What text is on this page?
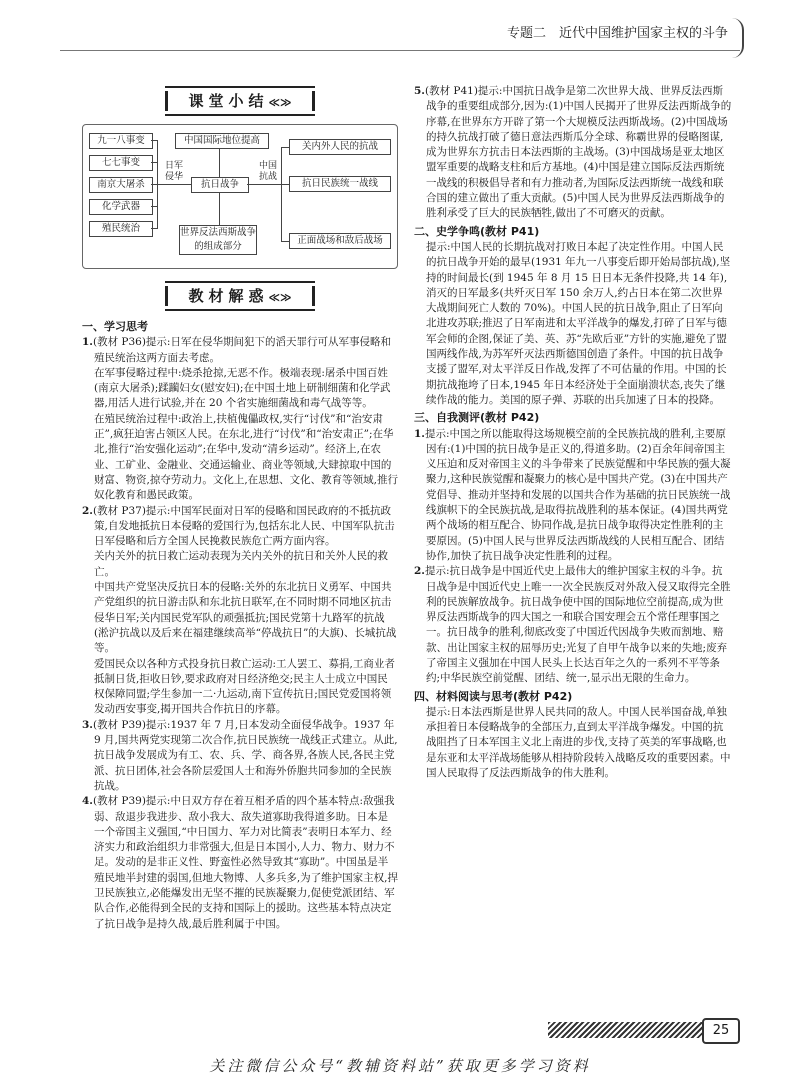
专题二　近代中国维护国家主权的斗争
课堂小结≪≫
九一八事变
七七事变
南京大屠杀
化学武器
殖民统治
日军侵华
中国国际地位提高
抗日战争
世界反法西斯战争的组成部分
中国抗战
关内外人民的抗战
抗日民族统一战线
正面战场和敌后战场
教材解惑≪≫
一、学习思考

1.(教材 P36)提示:日军在侵华期间犯下的滔天罪行可从军事侵略和殖民统治这两方面去考虑。

在军事侵略过程中:烧杀抢掠,无恶不作。极端表现:屠杀中国百姓(南京大屠杀);蹂躏妇女(慰安妇);在中国土地上研制细菌和化学武器,用活人进行试验,并在 20 个省实施细菌战和毒气战等等。

在殖民统治过程中:政治上,扶植傀儡政权,实行“讨伐”和“治安肃正”,疯狂迫害占领区人民。在东北,进行“讨伐”和“治安肃正”;在华北,推行“治安强化运动”;在华中,发动“清乡运动”。经济上,在农业、工矿业、金融业、交通运输业、商业等领域,大肆掠取中国的财富、物资,掠夺劳动力。文化上,在思想、文化、教育等领域,推行奴化教育和愚民政策。

2.(教材 P37)提示:中国军民面对日军的侵略和国民政府的不抵抗政策,自发地抵抗日本侵略的爱国行为,包括东北人民、中国军队抗击日军侵略和后方全国人民挽救民族危亡两方面内容。

关内关外的抗日救亡运动表现为关内关外的抗日和关外人民的救亡。

中国共产党坚决反抗日本的侵略:关外的东北抗日义勇军、中国共产党组织的抗日游击队和东北抗日联军,在不同时期不同地区抗击侵华日军;关内国民党军队的顽强抵抗;国民党第十九路军的抗战(淞沪抗战以及后来在福建继续高举“停战抗日”的大旗)、长城抗战等。

爱国民众以各种方式投身抗日救亡运动:工人罢工、募捐,工商业者抵制日货,拒收日钞,要求政府对日经济绝交;民主人士成立中国民权保障同盟;学生参加一二·九运动,南下宣传抗日;国民党爱国将领发动西安事变,揭开国共合作抗日的序幕。

3.(教材 P39)提示:1937 年 7 月,日本发动全面侵华战争。1937 年 9 月,国共两党实现第二次合作,抗日民族统一战线正式建立。从此,抗日战争发展成为有工、农、兵、学、商各界,各族人民,各民主党派、抗日团体,社会各阶层爱国人士和海外侨胞共同参加的全民族抗战。

4.(教材 P39)提示:中日双方存在着互相矛盾的四个基本特点:敌强我弱、敌退步我进步、敌小我大、敌失道寡助我得道多助。日本是一个帝国主义强国,“中日国力、军力对比简表”表明日本军力、经济实力和政治组织力非常强大,但是日本国小,人力、物力、财力不足。发动的是非正义性、野蛮性必然导致其“寡助”。中国虽是半殖民地半封建的弱国,但地大物博、人多兵多,为了维护国家主权,捍卫民族独立,必能爆发出无坚不摧的民族凝聚力,促使党派团结、军队合作,必能得到全民的支持和国际上的援助。这些基本特点决定了抗日战争是持久战,最后胜利属于中国。

5.(教材 P41)提示:中国抗日战争是第二次世界大战、世界反法西斯战争的重要组成部分,因为:(1)中国人民揭开了世界反法西斯战争的序幕,在世界东方开辟了第一个大规模反法西斯战场。(2)中国战场的持久抗战打破了德日意法西斯瓜分全球、称霸世界的侵略图谋,成为世界东方抗击日本法西斯的主战场。(3)中国战场是亚太地区盟军重要的战略支柱和后方基地。(4)中国是建立国际反法西斯统一战线的积极倡导者和有力推动者,为国际反法西斯统一战线和联合国的建立做出了重大贡献。(5)中国人民为世界反法西斯战争的胜利承受了巨大的民族牺牲,做出了不可磨灭的贡献。

二、史学争鸣(教材 P41)

提示:中国人民的长期抗战对打败日本起了决定性作用。中国人民的抗日战争开始的最早(1931 年九一八事变后即开始局部抗战),坚持的时间最长(到 1945 年 8 月 15 日日本无条件投降,共 14 年),消灭的日军最多(共歼灭日军 150 余万人,约占日本在第二次世界大战期间死亡人数的 70%)。中国人民的抗日战争,阻止了日军向北进攻苏联;推迟了日军南进和太平洋战争的爆发,打碎了日军与德军会师的企图,保证了美、英、苏“先欧后亚”方针的实施,避免了盟国两线作战,为苏军歼灭法西斯德国创造了条件。中国的抗日战争支援了盟军,对太平洋反日作战,发挥了不可估量的作用。中国的长期抗战拖垮了日本,1945 年日本经济处于全面崩溃状态,丧失了继续作战的能力。美国的原子弹、苏联的出兵加速了日本的投降。

三、自我测评(教材 P42)

1.提示:中国之所以能取得这场规模空前的全民族抗战的胜利,主要原因有:(1)中国的抗日战争是正义的,得道多助。(2)百余年间帝国主义压迫和反对帝国主义的斗争带来了民族觉醒和中华民族的强大凝聚力,这种民族觉醒和凝聚力的核心是中国共产党。(3)在中国共产党倡导、推动并坚持和发展的以国共合作为基础的抗日民族统一战线旗帜下的全民族抗战,是取得抗战胜利的基本保证。(4)国共两党两个战场的相互配合、协同作战,是抗日战争取得决定性胜利的主要原因。(5)中国人民与世界反法西斯战线的人民相互配合、团结协作,加快了抗日战争决定性胜利的过程。

2.提示:抗日战争是中国近代史上最伟大的维护国家主权的斗争。抗日战争是中国近代史上唯一一次全民族反对外敌入侵又取得完全胜利的民族解放战争。抗日战争使中国的国际地位空前提高,成为世界反法西斯战争的四大国之一和联合国安理会五个常任理事国之一。抗日战争的胜利,彻底改变了中国近代因战争失败而割地、赔款、出让国家主权的屈辱历史;光复了自甲午战争以来的失地;废弃了帝国主义强加在中国人民头上长达百年之久的一系列不平等条约;中华民族空前觉醒、团结、统一,显示出无限的生命力。

四、材料阅读与思考(教材 P42)

提示:日本法西斯是世界人民共同的敌人。中国人民举国奋战,单独承担着日本侵略战争的全部压力,直到太平洋战争爆发。中国的抗战阻挡了日本军国主义北上南进的步伐,支持了英美的军事战略,也是东亚和太平洋战场能够从相持阶段转入战略反攻的重要因素。中国人民取得了反法西斯战争的伟大胜利。

25
关注微信公众号“教辅资料站”获取更多学习资料
